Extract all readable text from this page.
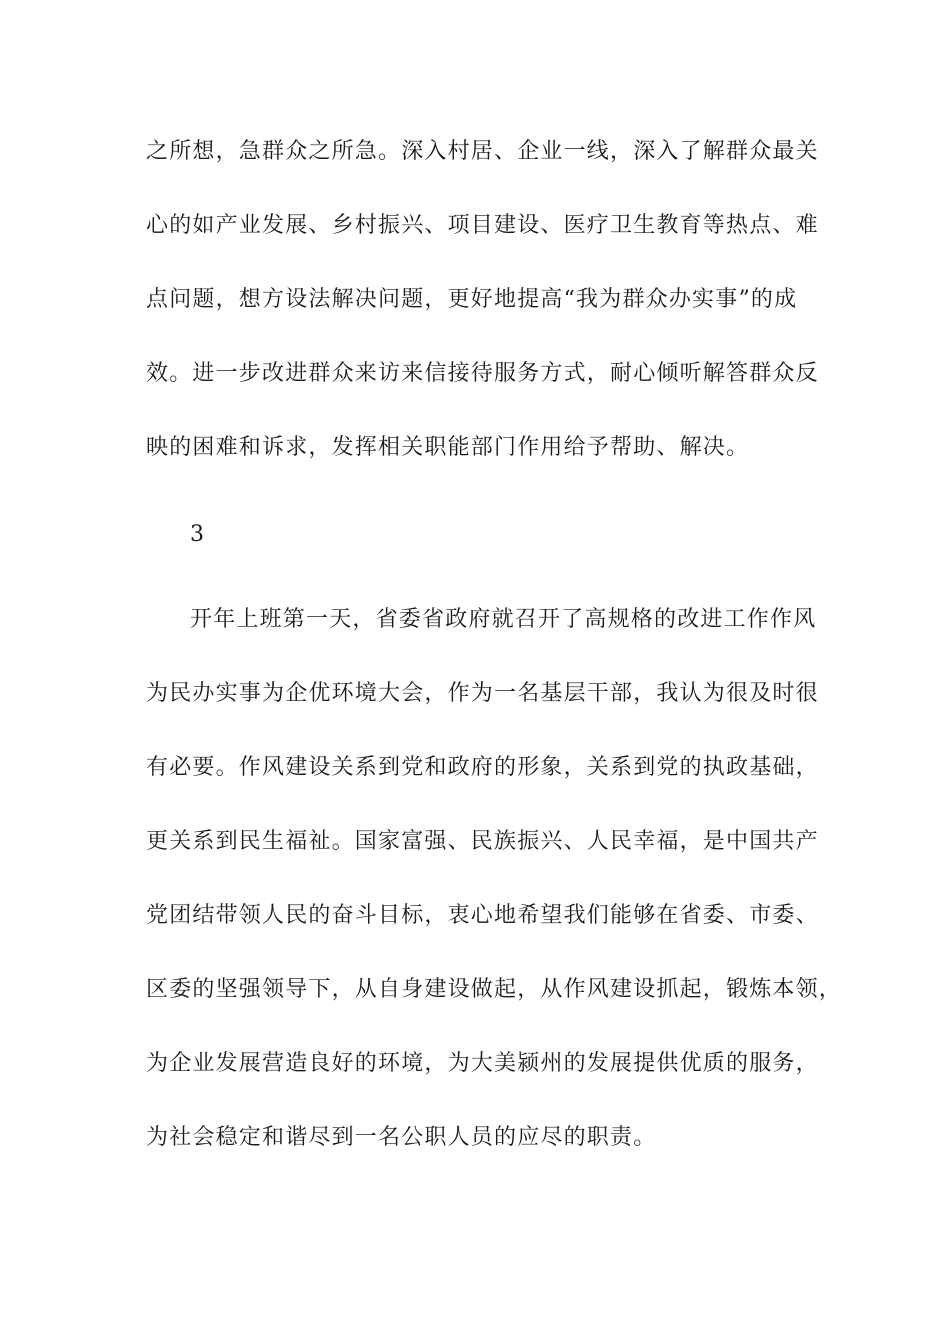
之所想，急群众之所急。深入村居、企业一线，深入了解群众最关
心的如产业发展、乡村振兴、项目建设、医疗卫生教育等热点、难
点问题，想方设法解决问题，更好地提高“我为群众办实事”的成
效。进一步改进群众来访来信接待服务方式，耐心倾听解答群众反
映的困难和诉求，发挥相关职能部门作用给予帮助、解决。
3
开年上班第一天，省委省政府就召开了高规格的改进工作作风
为民办实事为企优环境大会，作为一名基层干部，我认为很及时很
有必要。作风建设关系到党和政府的形象，关系到党的执政基础，
更关系到民生福祉。国家富强、民族振兴、人民幸福，是中国共产
党团结带领人民的奋斗目标，衷心地希望我们能够在省委、市委、
区委的坚强领导下，从自身建设做起，从作风建设抓起，锻炼本领，
为企业发展营造良好的环境，为大美颍州的发展提供优质的服务，
为社会稳定和谐尽到一名公职人员的应尽的职责。
